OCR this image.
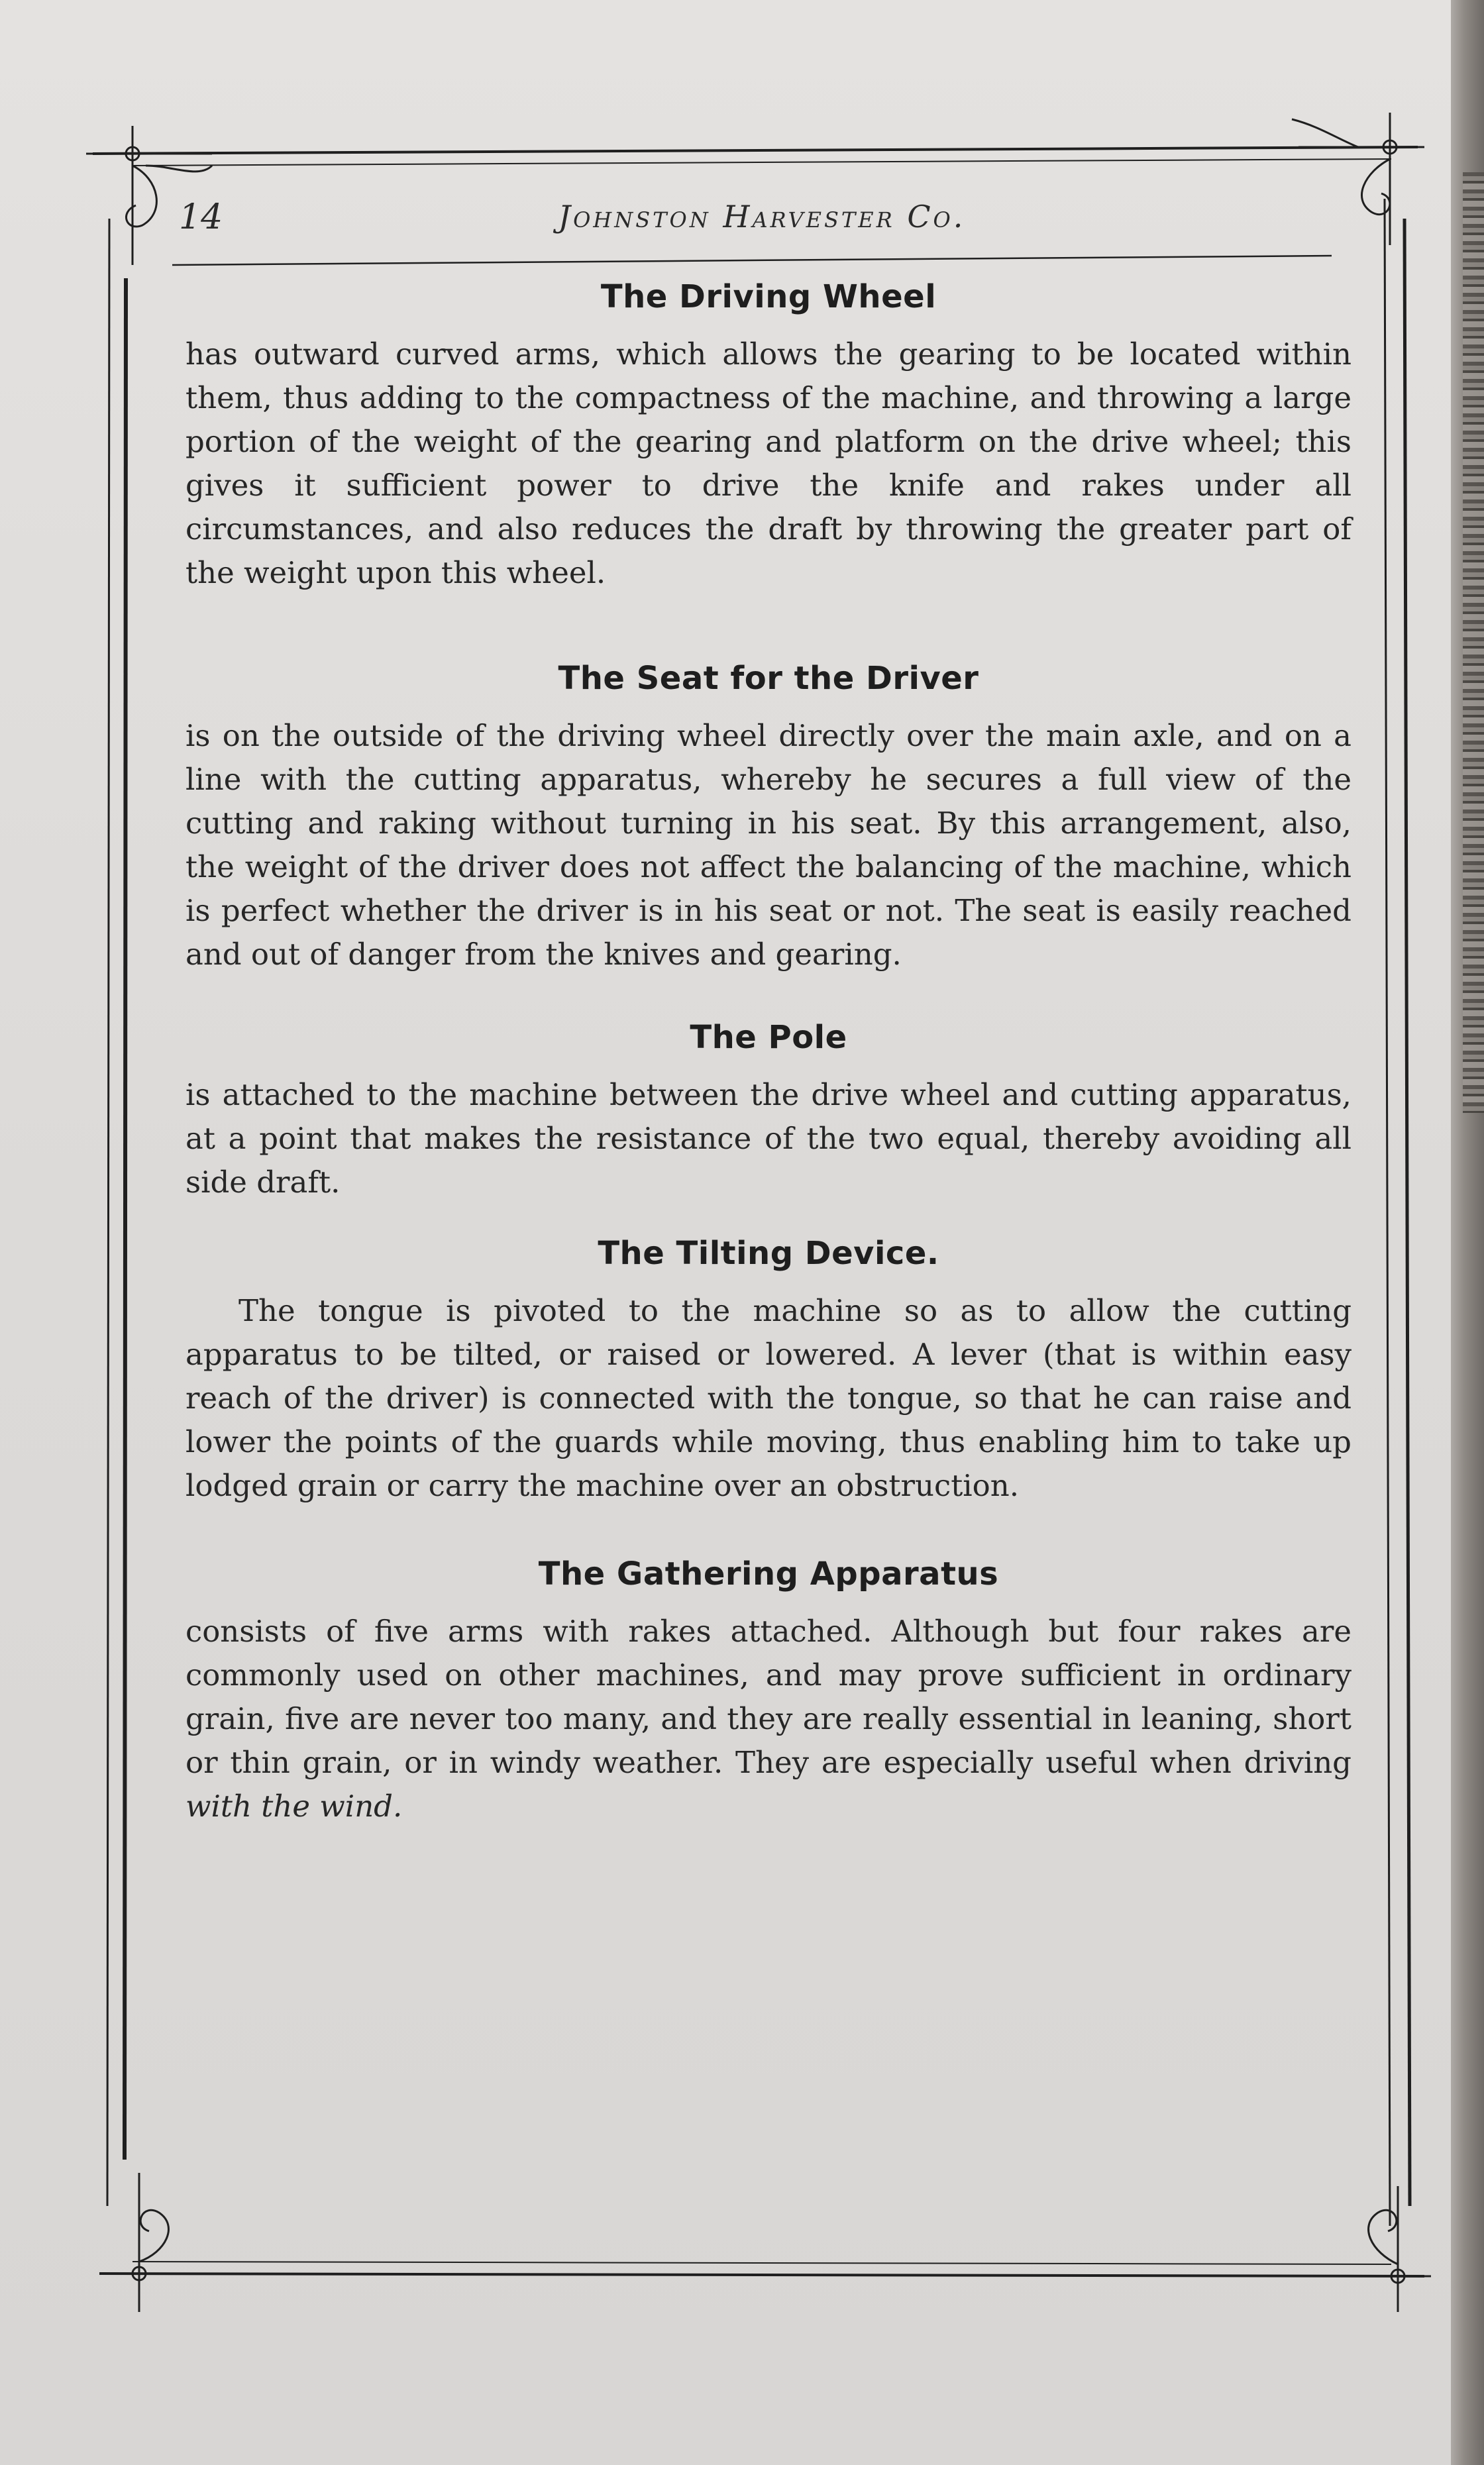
14	Johnston Harvester Co.
The Driving Wheel

has outward curved arms, which allows the gearing to be located within them, thus adding to the compactness of the machine, and throwing a large portion of the weight of the gearing and platform on the drive wheel; this gives it sufficient power to drive the knife and rakes under all circumstances, and also reduces the draft by throwing the greater part of the weight upon this wheel.

The Seat for the Driver

is on the outside of the driving wheel directly over the main axle, and on a line with the cutting apparatus, whereby he secures a full view of the cutting and raking without turning in his seat. By this arrangement, also, the weight of the driver does not affect the balancing of the machine, which is perfect whether the driver is in his seat or not. The seat is easily reached and out of danger from the knives and gearing.

The Pole

is attached to the machine between the drive wheel and cutting apparatus, at a point that makes the resistance of the two equal, thereby avoiding all side draft.

The Tilting Device.

The tongue is pivoted to the machine so as to allow the cutting apparatus to be tilted, or raised or lowered. A lever (that is within easy reach of the driver) is connected with the tongue, so that he can raise and lower the points of the guards while moving, thus enabling him to take up lodged grain or carry the machine over an obstruction.

The Gathering Apparatus

consists of five arms with rakes attached. Although but four rakes are commonly used on other machines, and may prove sufficient in ordinary grain, five are never too many, and they are really essential in leaning, short or thin grain, or in windy weather. They are especially useful when driving with the wind.
